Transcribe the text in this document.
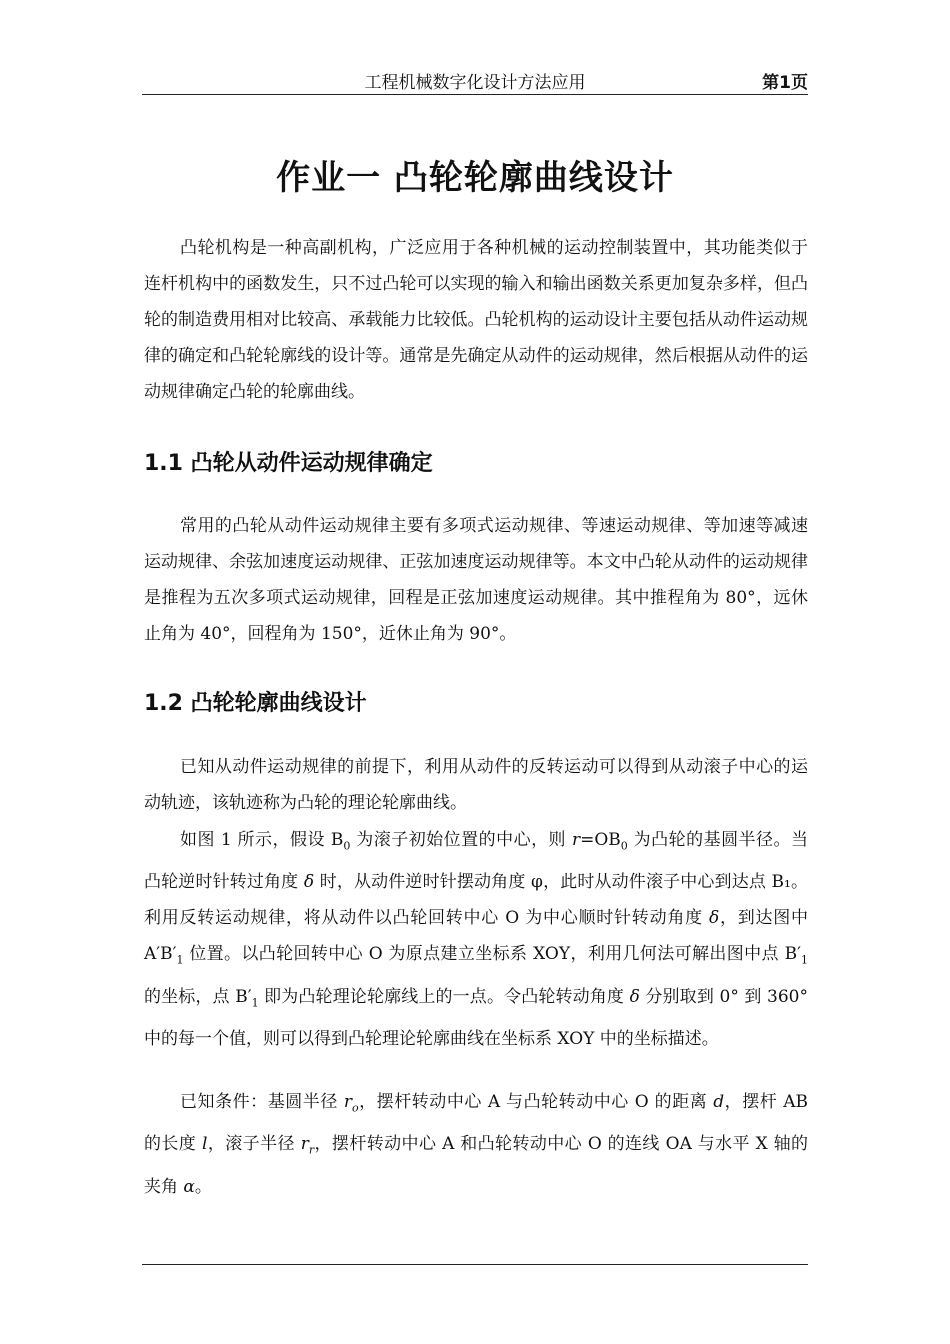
工程机械数字化设计方法应用	第1页
作业一 凸轮轮廓曲线设计
凸轮机构是一种高副机构，广泛应用于各种机械的运动控制装置中，其功能类似于连杆机构中的函数发生，只不过凸轮可以实现的输入和输出函数关系更加复杂多样，但凸轮的制造费用相对比较高、承载能力比较低。凸轮机构的运动设计主要包括从动件运动规律的确定和凸轮轮廓线的设计等。通常是先确定从动件的运动规律，然后根据从动件的运动规律确定凸轮的轮廓曲线。
1.1 凸轮从动件运动规律确定
常用的凸轮从动件运动规律主要有多项式运动规律、等速运动规律、等加速等减速运动规律、余弦加速度运动规律、正弦加速度运动规律等。本文中凸轮从动件的运动规律是推程为五次多项式运动规律，回程是正弦加速度运动规律。其中推程角为 80°，远休止角为 40°，回程角为 150°，近休止角为 90°。
1.2 凸轮轮廓曲线设计
已知从动件运动规律的前提下，利用从动件的反转运动可以得到从动滚子中心的运动轨迹，该轨迹称为凸轮的理论轮廓曲线。
如图 1 所示，假设 $B_0$ 为滚子初始位置的中心，则 $r=OB_0$ 为凸轮的基圆半径。当凸轮逆时针转过角度 δ 时，从动件逆时针摆动角度 φ，此时从动件滚子中心到达点 B₁。利用反转运动规律，将从动件以凸轮回转中心 O 为中心顺时针转动角度 δ，到达图中 $A'B'_1$ 位置。以凸轮回转中心 O 为原点建立坐标系 XOY，利用几何法可解出图中点 $B'_1$ 的坐标，点 $B'_1$ 即为凸轮理论轮廓线上的一点。令凸轮转动角度 δ 分别取到 0° 到 360° 中的每一个值，则可以得到凸轮理论轮廓曲线在坐标系 XOY 中的坐标描述。
已知条件：基圆半径 $r_o$，摆杆转动中心 A 与凸轮转动中心 O 的距离 d，摆杆 AB 的长度 l，滚子半径 $r_r$，摆杆转动中心 A 和凸轮转动中心 O 的连线 OA 与水平 X 轴的夹角 α。
